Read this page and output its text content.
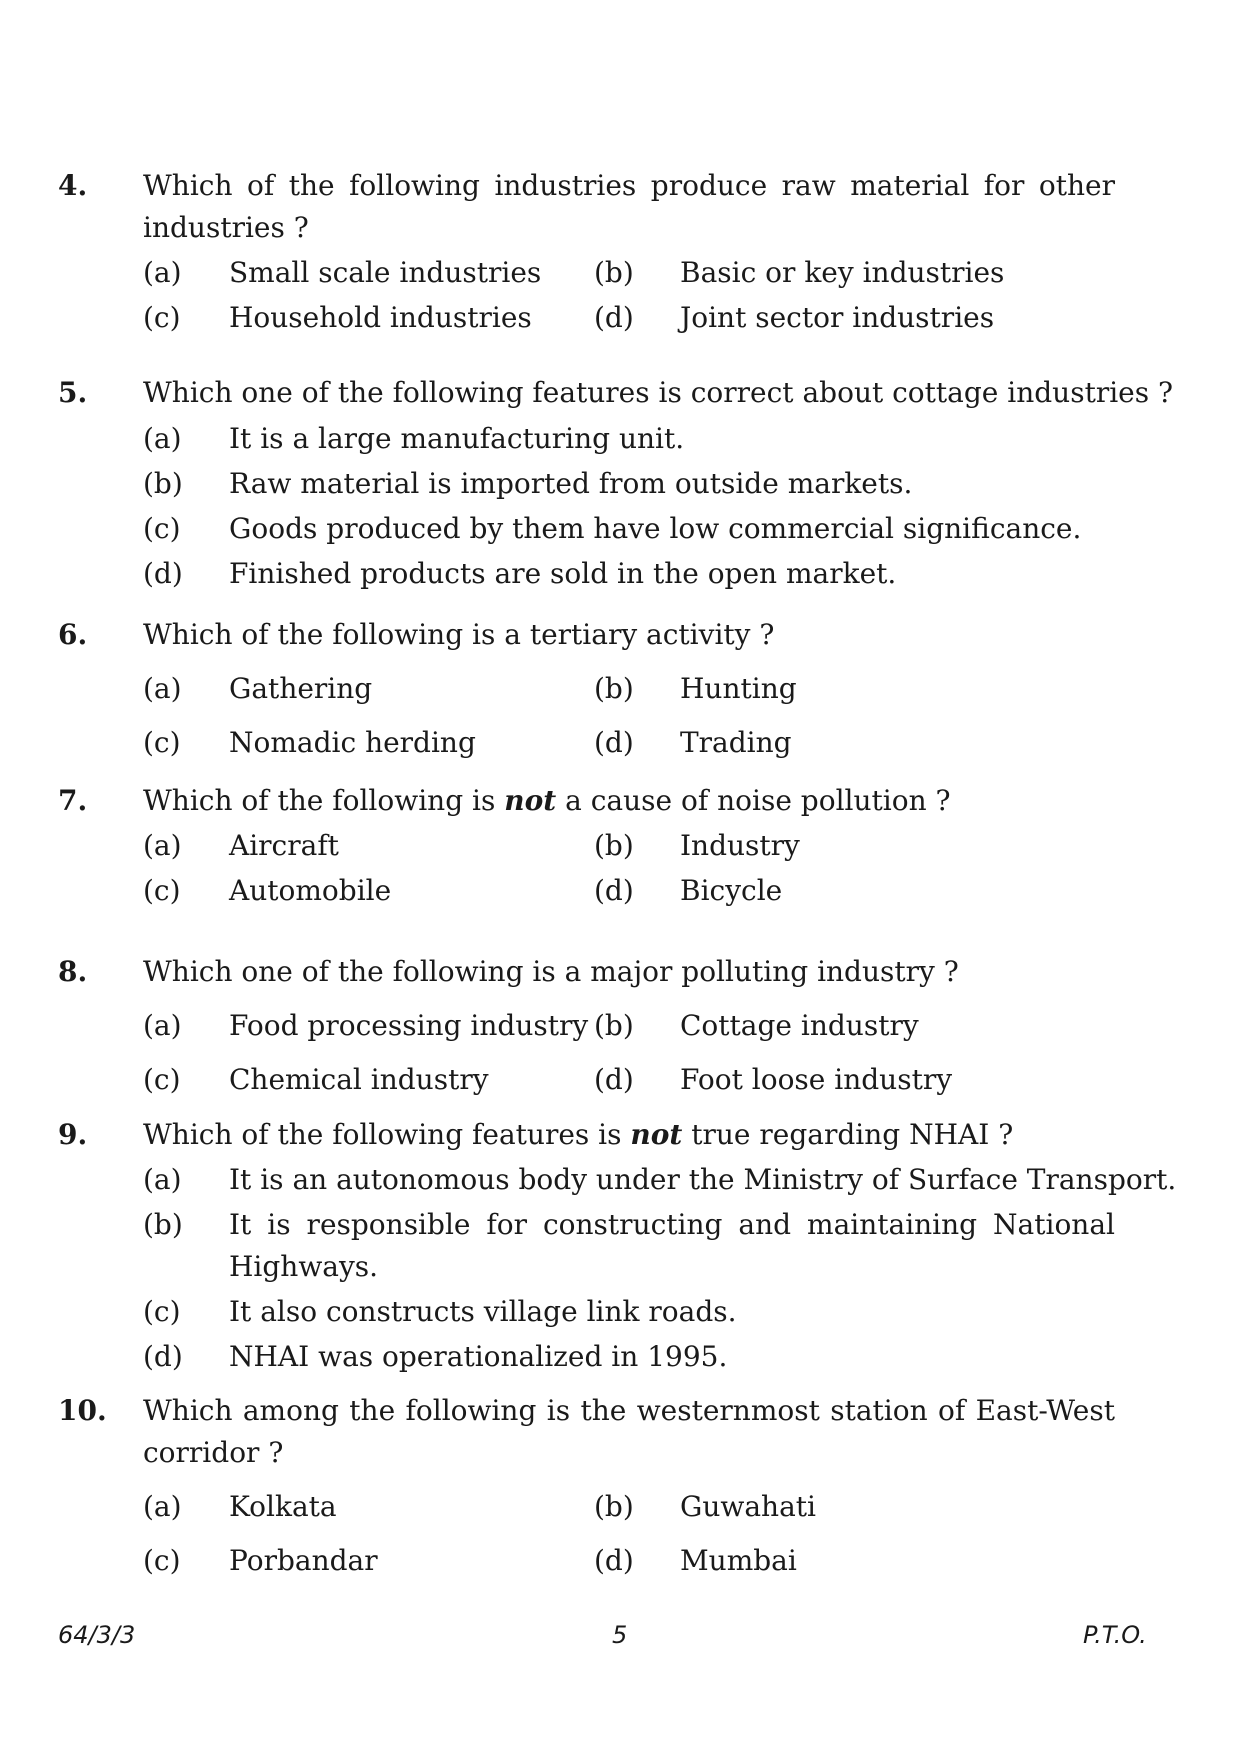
4. Which of the following industries produce raw material for other
industries ?
(a) Small scale industries (b) Basic or key industries
(c) Household industries (d) Joint sector industries
5. Which one of the following features is correct about cottage industries ?
(a) It is a large manufacturing unit.
(b) Raw material is imported from outside markets.
(c) Goods produced by them have low commercial significance.
(d) Finished products are sold in the open market.
6. Which of the following is a tertiary activity ?
(a) Gathering	(b) Hunting
(c) Nomadic herding	(d) Trading
7. Which of the following is not a cause of noise pollution ?
(a) Aircraft	(b) Industry
(c) Automobile	(d) Bicycle
8. Which one of the following is a major polluting industry ?
(a) Food processing industry (b) Cottage industry
(c) Chemical industry	(d) Foot loose industry
9. Which of the following features is not true regarding NHAI ?
(a) It is an autonomous body under the Ministry of Surface Transport.
(b) It is responsible for constructing and maintaining National
Highways.
(c) It also constructs village link roads.
(d) NHAI was operationalized in 1995.
10. Which among the following is the westernmost station of East-West
corridor ?
(a) Kolkata	(b) Guwahati
(c) Porbandar	(d) Mumbai
64/3/3	5	P.T.O.
